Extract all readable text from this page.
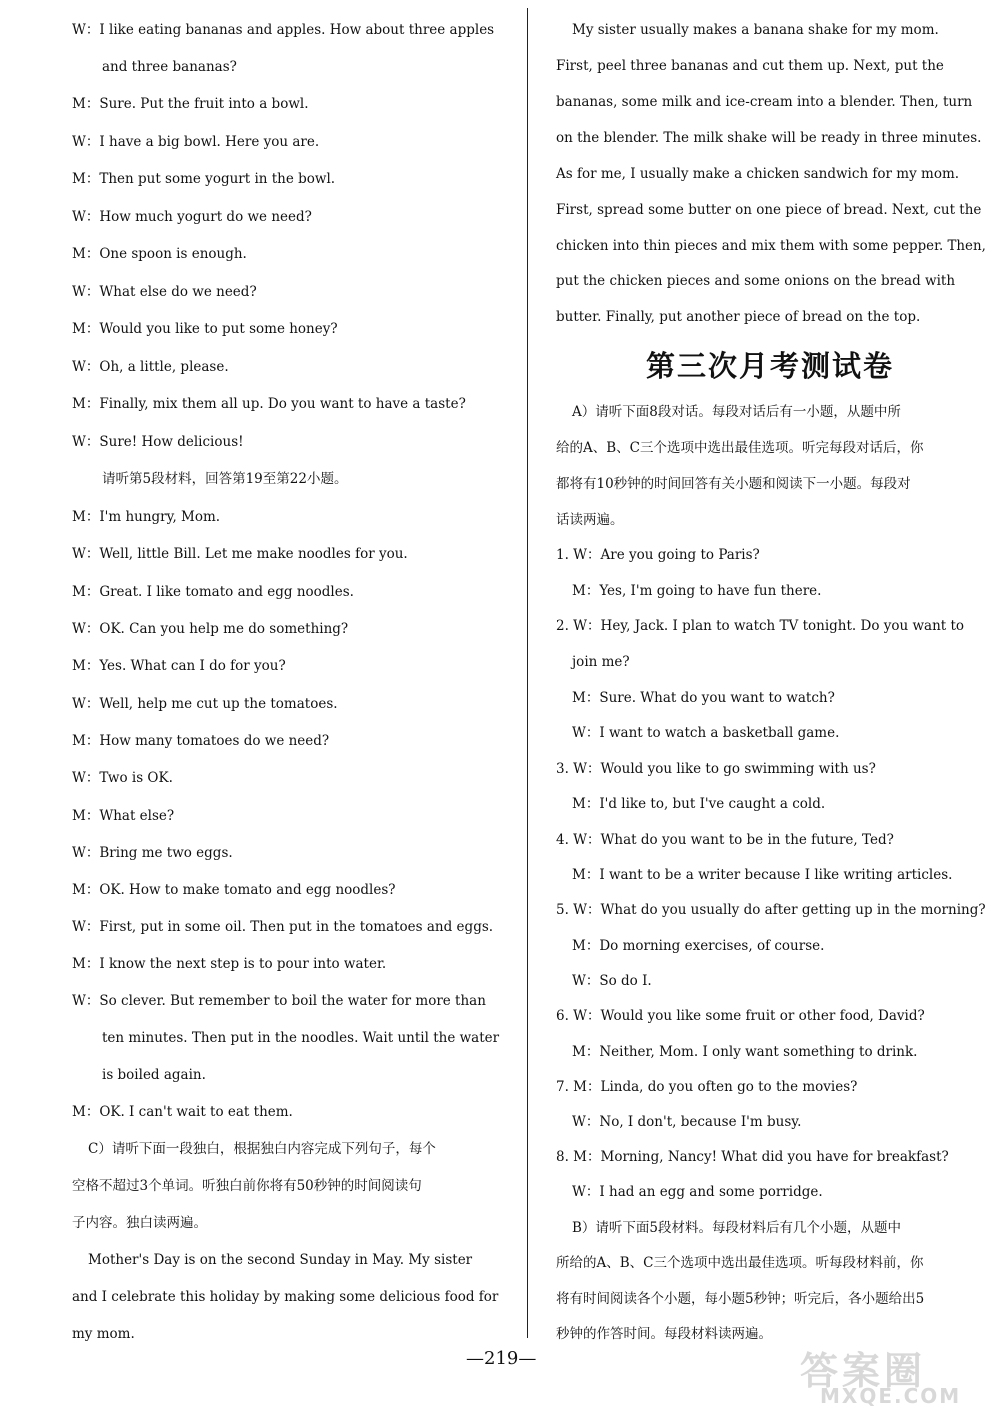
W：I like eating bananas and apples. How about three apples
and three bananas?
M：Sure. Put the fruit into a bowl.
W：I have a big bowl. Here you are.
M：Then put some yogurt in the bowl.
W：How much yogurt do we need?
M：One spoon is enough.
W：What else do we need?
M：Would you like to put some honey?
W：Oh, a little, please.
M：Finally, mix them all up. Do you want to have a taste?
W：Sure! How delicious!
请听第5段材料，回答第19至第22小题。
M：I'm hungry, Mom.
W：Well, little Bill. Let me make noodles for you.
M：Great. I like tomato and egg noodles.
W：OK. Can you help me do something?
M：Yes. What can I do for you?
W：Well, help me cut up the tomatoes.
M：How many tomatoes do we need?
W：Two is OK.
M：What else?
W：Bring me two eggs.
M：OK. How to make tomato and egg noodles?
W：First, put in some oil. Then put in the tomatoes and eggs.
M：I know the next step is to pour into water.
W：So clever. But remember to boil the water for more than
ten minutes. Then put in the noodles. Wait until the water
is boiled again.
M：OK. I can't wait to eat them.
C）请听下面一段独白，根据独白内容完成下列句子，每个
空格不超过3个单词。听独白前你将有50秒钟的时间阅读句
子内容。独白读两遍。
Mother's Day is on the second Sunday in May. My sister
and I celebrate this holiday by making some delicious food for
my mom.
第三次月考测试卷
My sister usually makes a banana shake for my mom.
First, peel three bananas and cut them up. Next, put the
bananas, some milk and ice-cream into a blender. Then, turn
on the blender. The milk shake will be ready in three minutes.
As for me, I usually make a chicken sandwich for my mom.
First, spread some butter on one piece of bread. Next, cut the
chicken into thin pieces and mix them with some pepper. Then,
put the chicken pieces and some onions on the bread with
butter. Finally, put another piece of bread on the top.
A）请听下面8段对话。每段对话后有一小题，从题中所
给的A、B、C三个选项中选出最佳选项。听完每段对话后，你
都将有10秒钟的时间回答有关小题和阅读下一小题。每段对
话读两遍。
1. W：Are you going to Paris?
M：Yes, I'm going to have fun there.
2. W：Hey, Jack. I plan to watch TV tonight. Do you want to
join me?
M：Sure. What do you want to watch?
W：I want to watch a basketball game.
3. W：Would you like to go swimming with us?
M：I'd like to, but I've caught a cold.
4. W：What do you want to be in the future, Ted?
M：I want to be a writer because I like writing articles.
5. W：What do you usually do after getting up in the morning?
M：Do morning exercises, of course.
W：So do I.
6. W：Would you like some fruit or other food, David?
M：Neither, Mom. I only want something to drink.
7. M：Linda, do you often go to the movies?
W：No, I don't, because I'm busy.
8. M：Morning, Nancy! What did you have for breakfast?
W：I had an egg and some porridge.
B）请听下面5段材料。每段材料后有几个小题，从题中
所给的A、B、C三个选项中选出最佳选项。听每段材料前，你
将有时间阅读各个小题，每小题5秒钟；听完后，各小题给出5
秒钟的作答时间。每段材料读两遍。
—219—	答案圈
MXQE.COM
